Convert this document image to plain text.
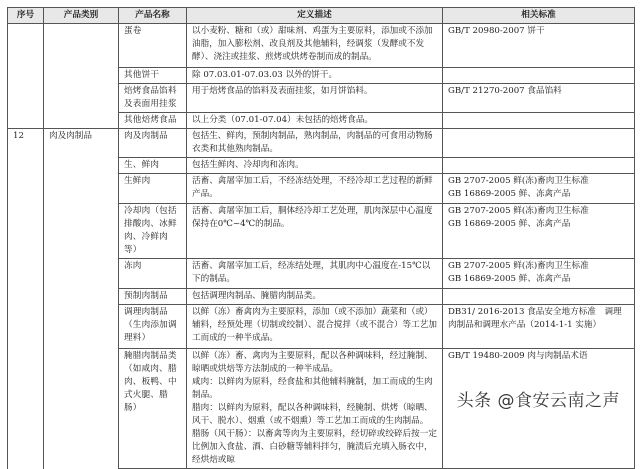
序号	产品类别	产品名称	定义描述	相关标准
		蛋卷	以小麦粉、糖和（或）甜味剂、鸡蛋为主要原料，添加或不添加油脂，加入膨松剂、改良剂及其他辅料，经调浆（发酵或不发酵）、浇注或挂浆、煎烤或烘烤卷制而成的制品。	GB/T 20980-2007 饼干

		其他饼干	除 07.03.01-07.03.03 以外的饼干。	
		焙烤食品馅料及表面用挂浆	用于焙烤食品的馅料及表面挂浆，如月饼馅料。	GB/T 21270-2007 食品馅料

		其他焙烤食品	以上分类（07.01-07.04）未包括的焙烤食品。	
12	肉及肉制品	肉及肉制品	包括生、鲜肉，预制肉制品，熟肉制品，肉制品的可食用动物肠衣类和其他熟肉制品。	
		生、鲜肉	包括生鲜肉、冷却肉和冻肉。	
		生鲜肉	活畜、禽屠宰加工后，不经冻结处理，不经冷却工艺过程的新鲜产品。	GB 2707-2005 鲜(冻)畜肉卫生标准
GB 16869-2005 鲜、冻禽产品

		冷却肉（包括排酸肉、冰鲜肉、冷鲜肉等）	活畜、禽屠宰加工后，胴体经冷却工艺处理，肌肉深层中心温度保持在0℃~4℃的制品。	GB 2707-2005 鲜(冻)畜肉卫生标准
GB 16869-2005 鲜、冻禽产品

		冻肉	活畜、禽屠宰加工后，经冻结处理，其肌肉中心温度在-15℃以下的制品。	GB 2707-2005 鲜(冻)畜肉卫生标准
GB 16869-2005 鲜、冻禽产品

		预制肉制品	包括调理肉制品、腌腊肉制品类。	
		调理肉制品（生肉添加调理料）	以鲜（冻）畜禽肉为主要原料，添加（或不添加）蔬菜和（或）辅料，经预处理（切制或绞制）、混合搅拌（或不混合）等工艺加工而成的一种半成品。	DB31/ 2016-2013 食品安全地方标准　调理肉制品和调理水产品（2014-1-1 实施）

		腌腊肉制品类（如咸肉、腊肉、板鸭、中式火腿、腊肠）	以鲜（冻）畜、禽肉为主要原料，配以各种调味料，经过腌制、晾晒或烘焙等方法制成的一种半成品。
咸肉：以鲜肉为原料，经食盐和其他辅料腌制，加工而成的生肉制品。
腊肉：以鲜肉为原料，配以各种调味料，经腌制、烘烤（晾晒、风干、脱水）、烟熏（或不烟熏）等工艺加工而成的生肉制品。
腊肠（风干肠）：以畜禽等肉为主要原料，经切碎或绞碎后按一定比例加入食盐、酒、白砂糖等辅料拌匀，腌渍后充填入肠衣中，经烘焙或晾	GB/T 19480-2009 肉与肉制品术语
头条 @食安云南之声
